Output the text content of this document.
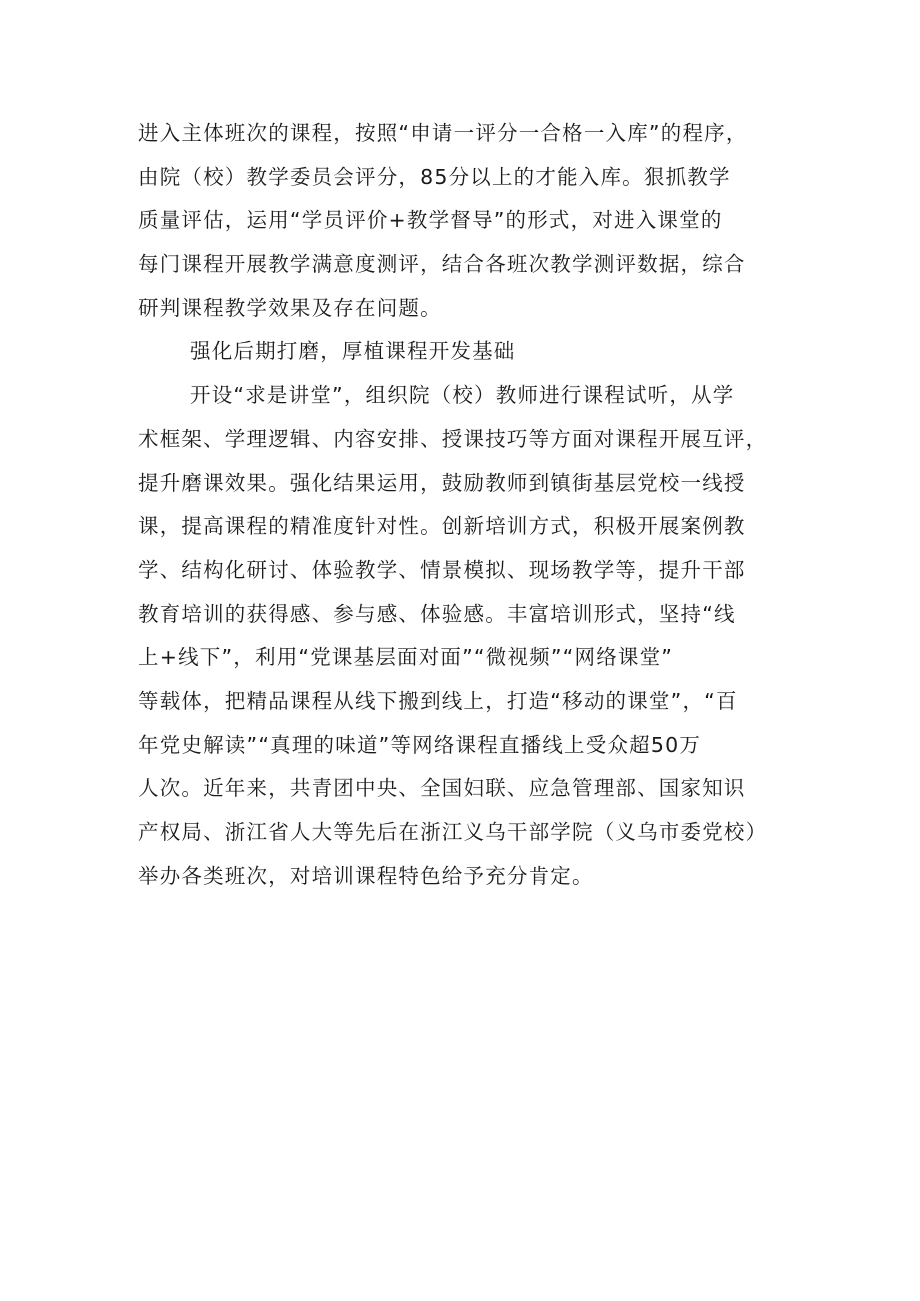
进入主体班次的课程，按照“申请一评分一合格一入库”的程序，
由院（校）教学委员会评分，85分以上的才能入库。狠抓教学
质量评估，运用“学员评价+教学督导”的形式，对进入课堂的
每门课程开展教学满意度测评，结合各班次教学测评数据，综合
研判课程教学效果及存在问题。
强化后期打磨，厚植课程开发基础
开设“求是讲堂”，组织院（校）教师进行课程试听，从学
术框架、学理逻辑、内容安排、授课技巧等方面对课程开展互评，
提升磨课效果。强化结果运用，鼓励教师到镇街基层党校一线授
课，提高课程的精准度针对性。创新培训方式，积极开展案例教
学、结构化研讨、体验教学、情景模拟、现场教学等，提升干部
教育培训的获得感、参与感、体验感。丰富培训形式，坚持“线
上+线下”，利用“党课基层面对面”“微视频”“网络课堂”
等载体，把精品课程从线下搬到线上，打造“移动的课堂”，“百
年党史解读”“真理的味道”等网络课程直播线上受众超50万
人次。近年来，共青团中央、全国妇联、应急管理部、国家知识
产权局、浙江省人大等先后在浙江义乌干部学院（义乌市委党校）
举办各类班次，对培训课程特色给予充分肯定。
